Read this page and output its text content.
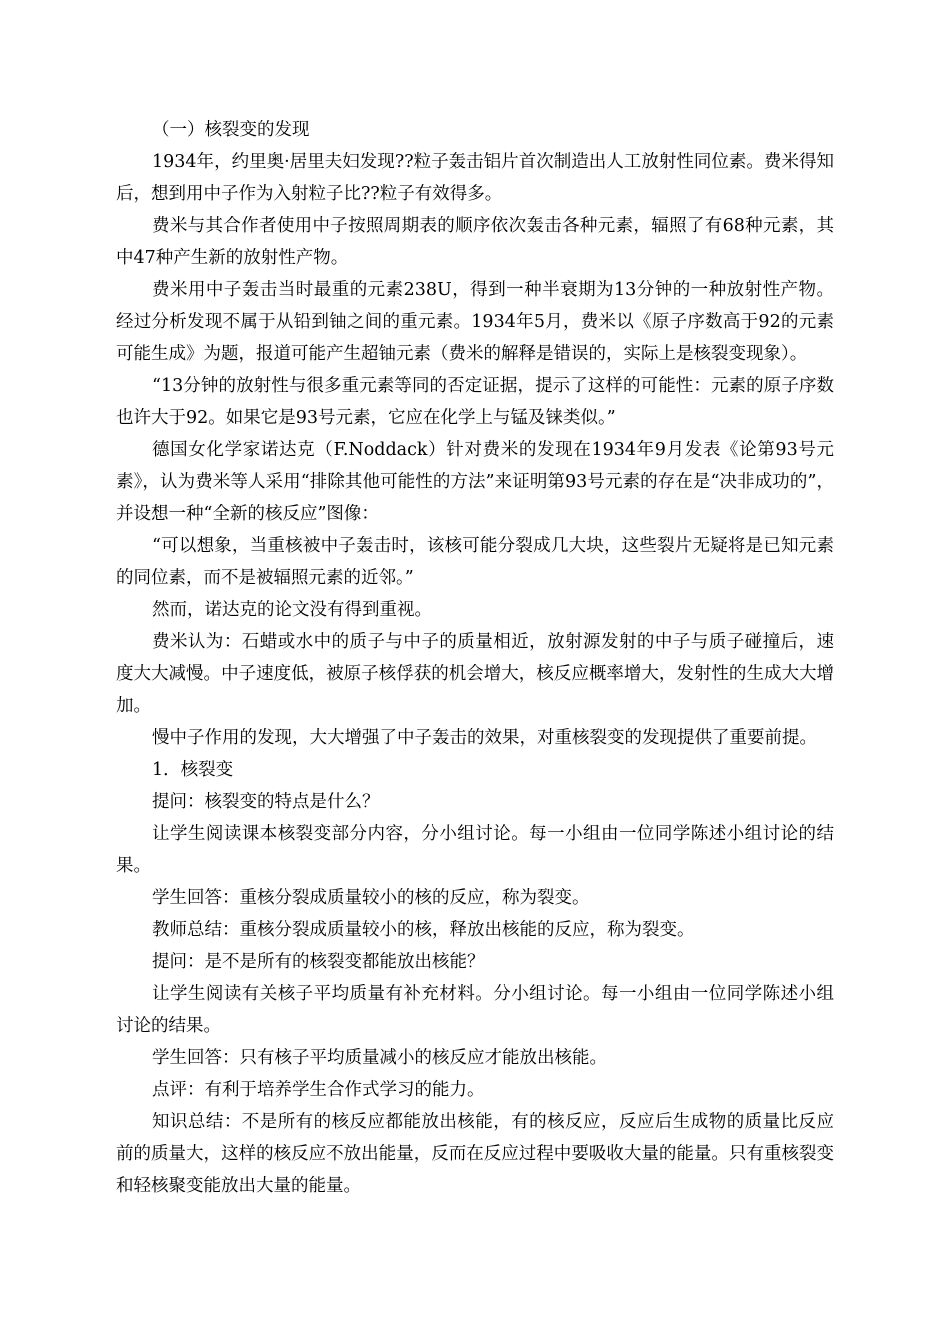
（一）核裂变的发现

1934年，约里奥·居里夫妇发现??粒子轰击铝片首次制造出人工放射性同位素。费米得知后，想到用中子作为入射粒子比??粒子有效得多。

费米与其合作者使用中子按照周期表的顺序依次轰击各种元素，辐照了有68种元素，其中47种产生新的放射性产物。

费米用中子轰击当时最重的元素238U，得到一种半衰期为13分钟的一种放射性产物。经过分析发现不属于从铅到铀之间的重元素。1934年5月，费米以《原子序数高于92的元素可能生成》为题，报道可能产生超铀元素（费米的解释是错误的，实际上是核裂变现象）。

“13分钟的放射性与很多重元素等同的否定证据，提示了这样的可能性：元素的原子序数也许大于92。如果它是93号元素，它应在化学上与锰及铼类似。”

德国女化学家诺达克（F.Noddack）针对费米的发现在1934年9月发表《论第93号元素》，认为费米等人采用“排除其他可能性的方法”来证明第93号元素的存在是“决非成功的”，并设想一种“全新的核反应”图像：

“可以想象，当重核被中子轰击时，该核可能分裂成几大块，这些裂片无疑将是已知元素的同位素，而不是被辐照元素的近邻。”

然而，诺达克的论文没有得到重视。

费米认为：石蜡或水中的质子与中子的质量相近，放射源发射的中子与质子碰撞后，速度大大减慢。中子速度低，被原子核俘获的机会增大，核反应概率增大，发射性的生成大大增加。

慢中子作用的发现，大大增强了中子轰击的效果，对重核裂变的发现提供了重要前提。

1．核裂变

提问：核裂变的特点是什么？

让学生阅读课本核裂变部分内容，分小组讨论。每一小组由一位同学陈述小组讨论的结果。

学生回答：重核分裂成质量较小的核的反应，称为裂变。

教师总结：重核分裂成质量较小的核，释放出核能的反应，称为裂变。

提问：是不是所有的核裂变都能放出核能？

让学生阅读有关核子平均质量有补充材料。分小组讨论。每一小组由一位同学陈述小组讨论的结果。

学生回答：只有核子平均质量减小的核反应才能放出核能。

点评：有利于培养学生合作式学习的能力。

知识总结：不是所有的核反应都能放出核能，有的核反应，反应后生成物的质量比反应前的质量大，这样的核反应不放出能量，反而在反应过程中要吸收大量的能量。只有重核裂变和轻核聚变能放出大量的能量。
